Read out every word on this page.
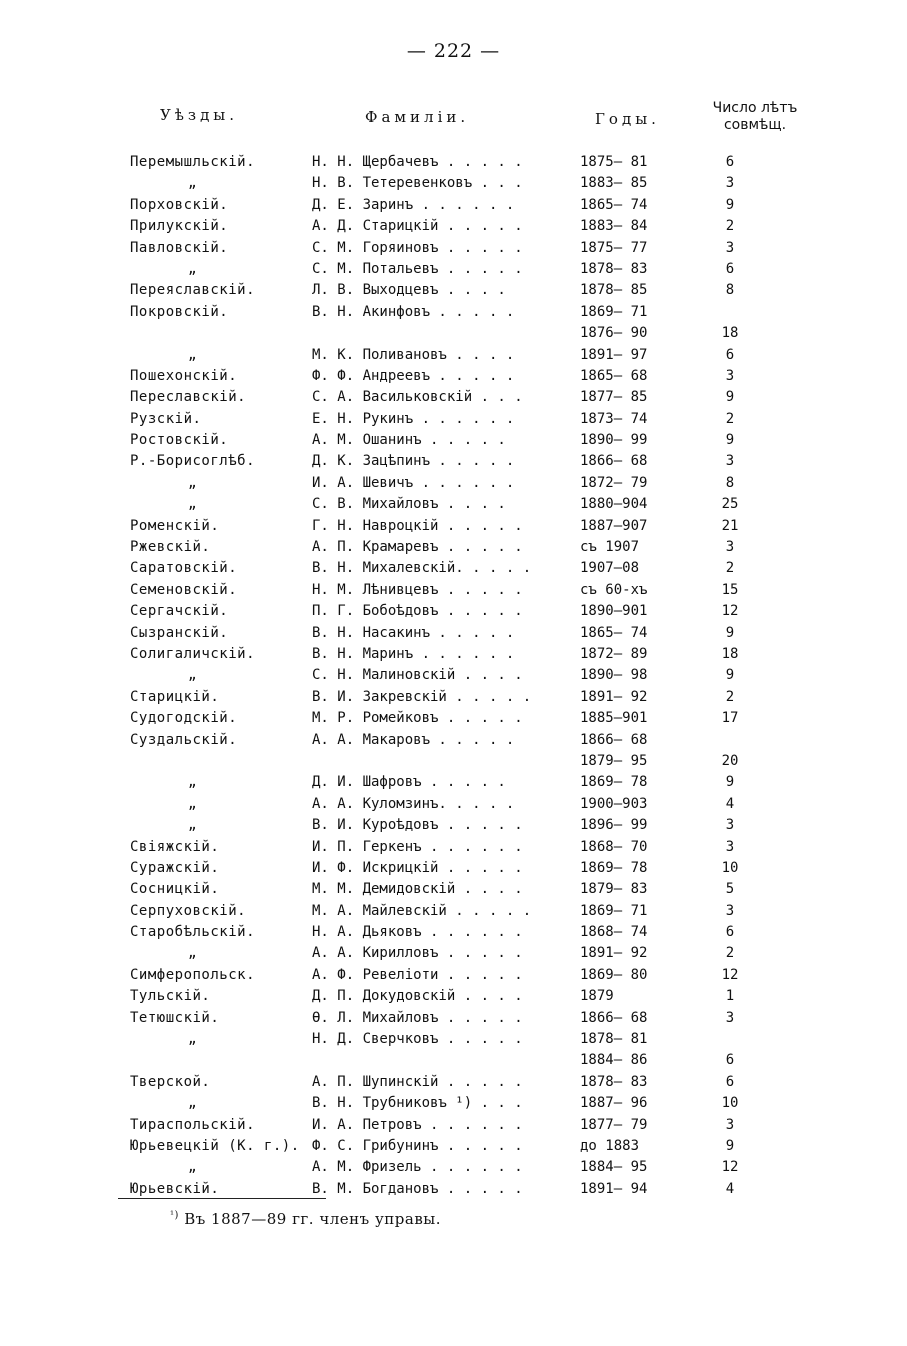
— 222 —
Уѣзды.	Фамиліи.	Годы.
Число лѣтъ
совмѣщ.
Перемышльскій.	Н. Н. Щербачевъ . . . . .	1875— 81	6
„	Н. В. Тетеревенковъ . . .	1883— 85	3
Порховскій.	Д. Е. Заринъ . . . . . .	1865— 74	9
Прилукскій.	А. Д. Старицкій . . . . .	1883— 84	2
Павловскій.	С. М. Горяиновъ . . . . .	1875— 77	3
„	С. М. Потальевъ . . . . .	1878— 83	6
Переяславскій.	Л. В. Выходцевъ . . . .	1878— 85	8
Покровскій.	В. Н. Акинфовъ . . . . .	1869— 71
1876— 90	18
„	М. К. Поливановъ . . . .	1891— 97	6
Пошехонскій.	Ф. Ф. Андреевъ . . . . .	1865— 68	3
Переславскій.	С. А. Васильковскій . . .	1877— 85	9
Рузскій.	Е. Н. Рукинъ . . . . . .	1873— 74	2
Ростовскій.	А. М. Ошанинъ . . . . .	1890— 99	9
Р.-Борисоглѣб.	Д. К. Зацѣпинъ . . . . .	1866— 68	3
„	И. А. Шевичъ . . . . . .	1872— 79	8
„	С. В. Михайловъ . . . .	1880—904	25
Роменскій.	Г. Н. Навроцкій . . . . .	1887—907	21
Ржевскій.	А. П. Крамаревъ . . . . .	съ 1907	3
Саратовскій.	В. Н. Михалевскій. . . . .	1907—08	2
Семеновскій.	Н. М. Лѣнивцевъ . . . . .	съ 60-хъ	15
Сергачскій.	П. Г. Бобоѣдовъ . . . . .	1890—901	12
Сызранскій.	В. Н. Насакинъ . . . . .	1865— 74	9
Солигаличскій.	В. Н. Маринъ . . . . . .	1872— 89	18
„	С. Н. Малиновскій . . . .	1890— 98	9
Старицкій.	В. И. Закревскій . . . . .	1891— 92	2
Судогодскій.	М. Р. Ромейковъ . . . . .	1885—901	17
Суздальскій.	А. А. Макаровъ . . . . .	1866— 68
1879— 95	20
„	Д. И. Шафровъ . . . . .	1869— 78	9
„	А. А. Куломзинъ. . . . .	1900—903	4
„	В. И. Куроѣдовъ . . . . .	1896— 99	3
Свіяжскій.	И. П. Геркенъ . . . . . .	1868— 70	3
Суражскій.	И. Ф. Искрицкій . . . . .	1869— 78	10
Сосницкій.	М. М. Демидовскій . . . .	1879— 83	5
Серпуховскій.	М. А. Майлевскій . . . . .	1869— 71	3
Старобѣльскій.	Н. А. Дьяковъ . . . . . .	1868— 74	6
„	А. А. Кирилловъ . . . . .	1891— 92	2
Симферопольск.	А. Ф. Ревеліоти . . . . .	1869— 80	12
Тульскій.	Д. П. Докудовскій . . . .	1879	1
Тетюшскій.	Ѳ. Л. Михайловъ . . . . .	1866— 68	3
„	Н. Д. Сверчковъ . . . . .	1878— 81
1884— 86	6
Тверской.	А. П. Шупинскій . . . . .	1878— 83	6
„	В. Н. Трубниковъ ¹) . . .	1887— 96	10
Тираспольскій.	И. А. Петровъ . . . . . .	1877— 79	3
Юрьевецкій (К. г.). Ф. С. Грибунинъ . . . . .	до 1883	9
„	А. М. Фризель . . . . . .	1884— 95	12
Юрьевскій.	В. М. Богдановъ . . . . .	1891— 94	4
$^{^1)}$ Въ 1887—89 гг. членъ управы.
